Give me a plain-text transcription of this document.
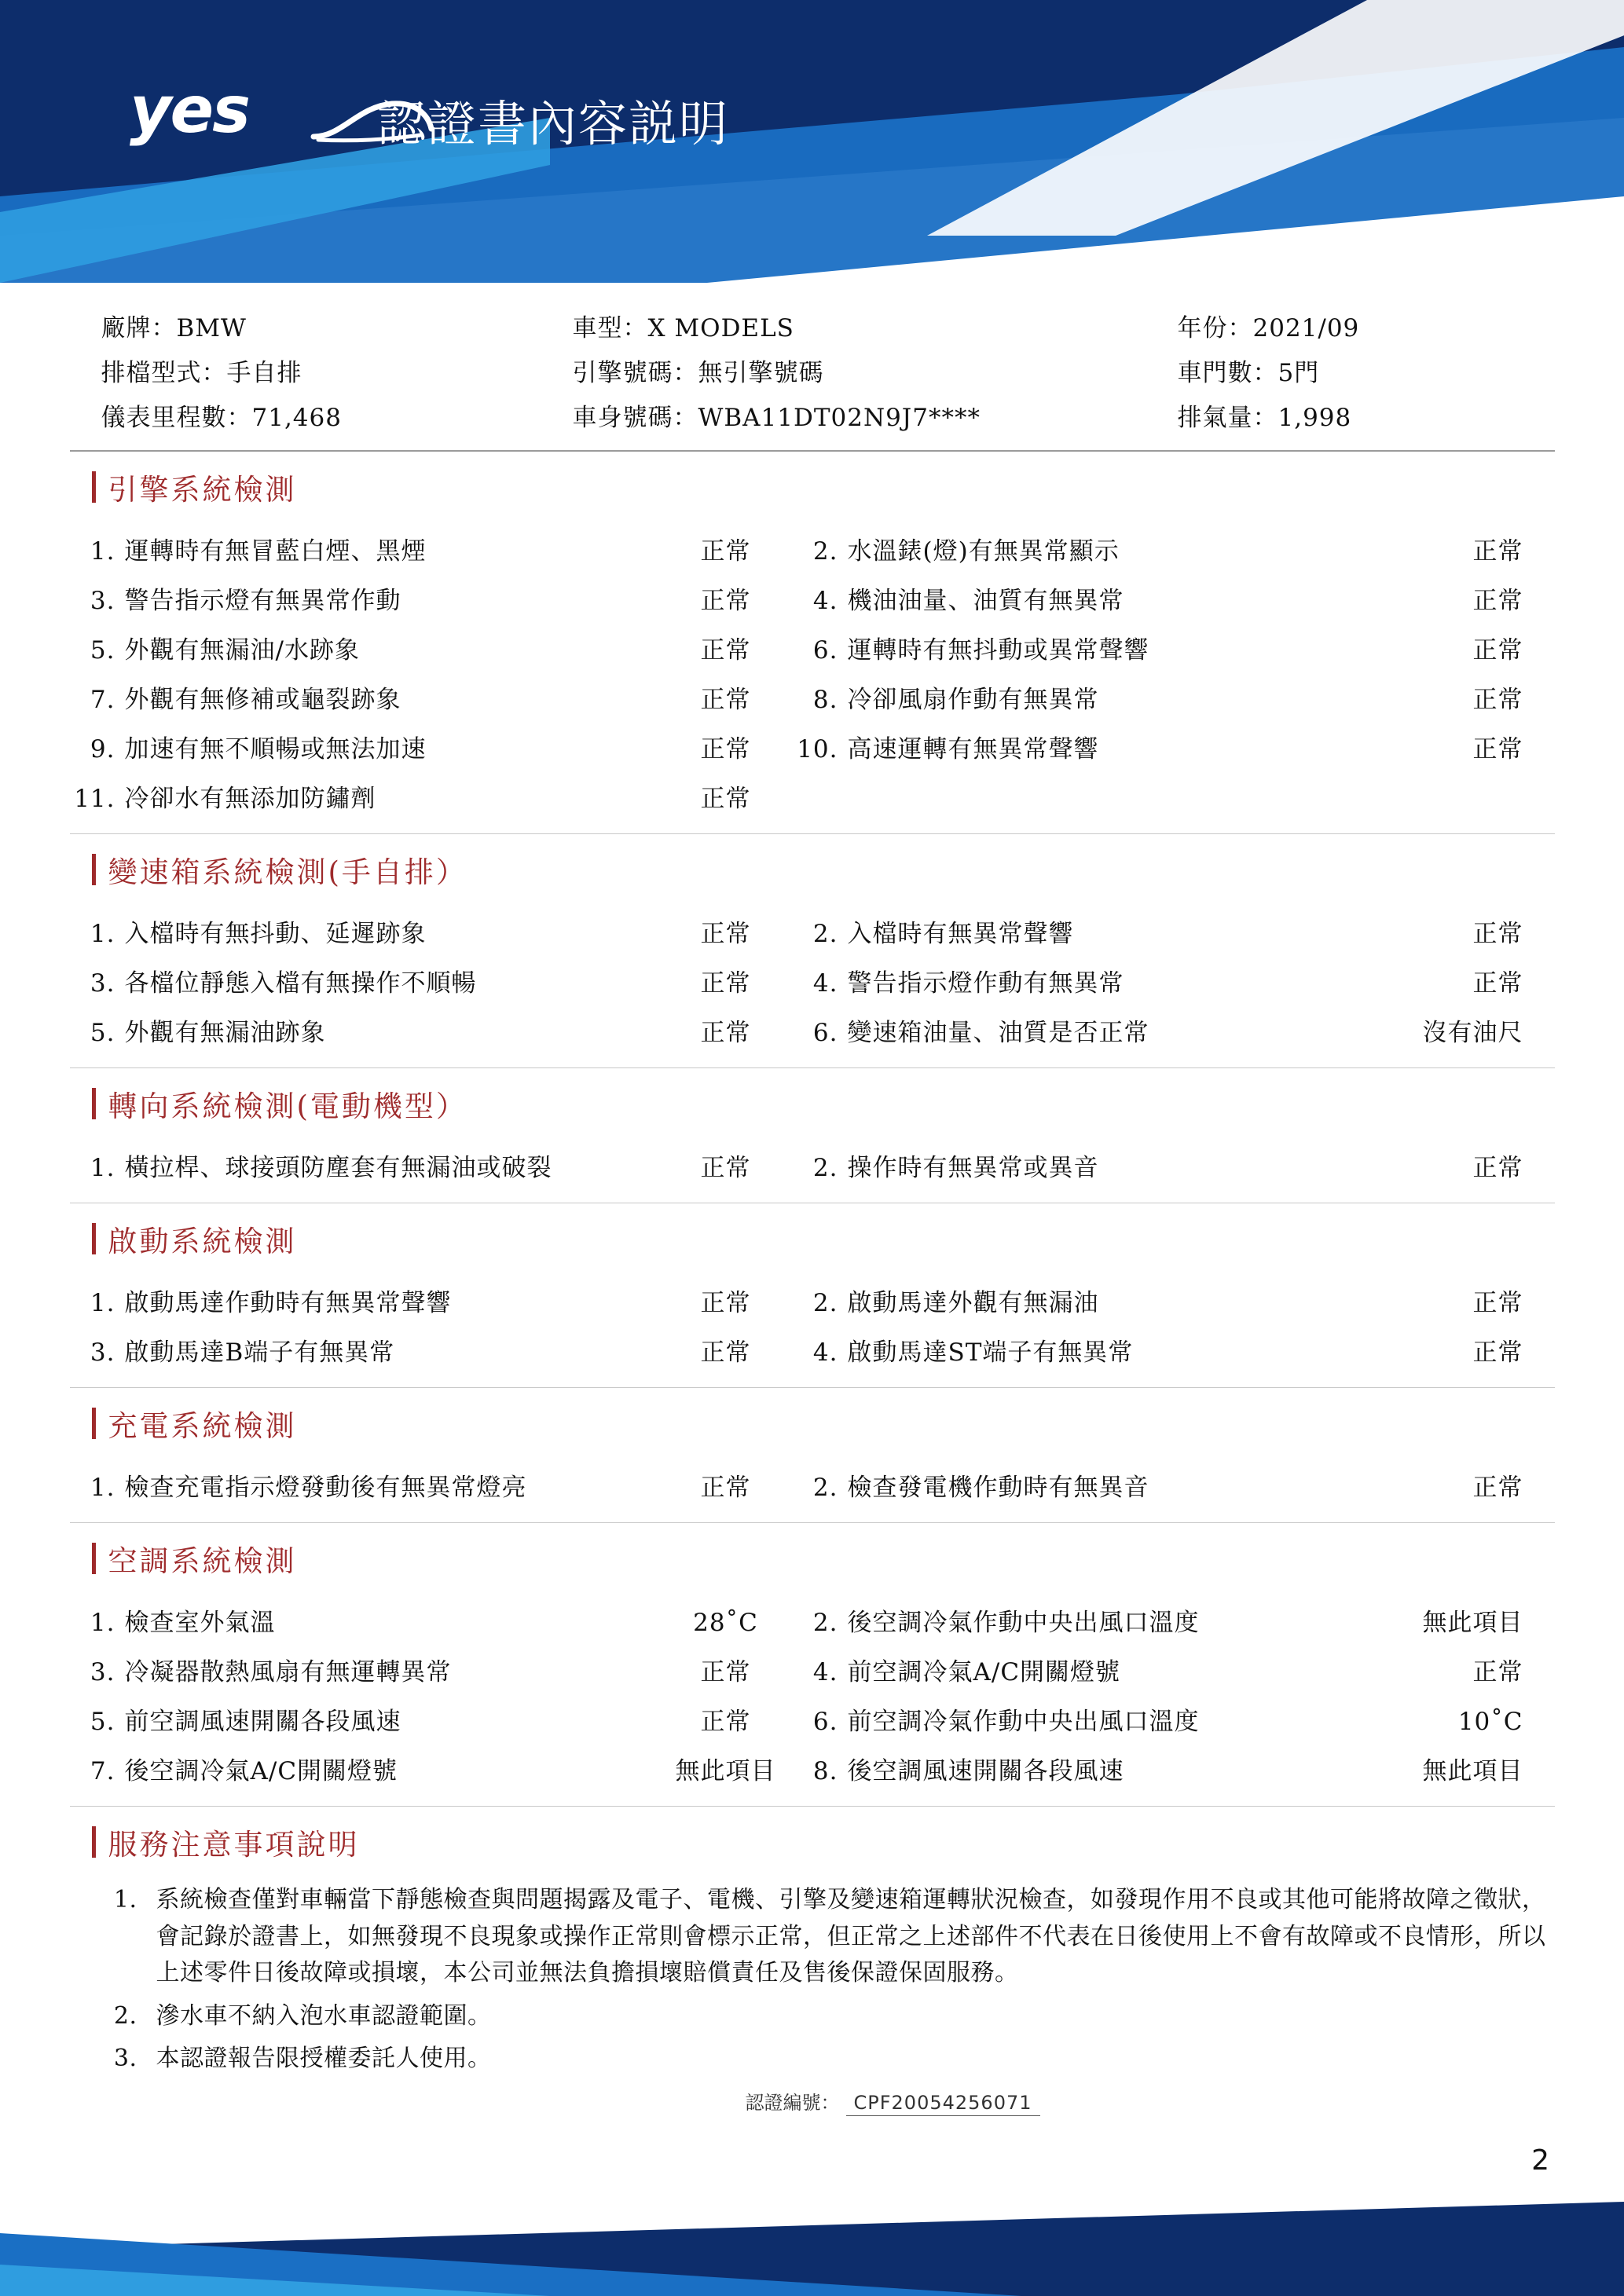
yes	認證書內容説明
廠牌：BMW	車型：X MODELS	年份：2021/09
排檔型式：手自排	引擎號碼：無引擎號碼	車門數：5門
儀表里程數：71,468	車身號碼：WBA11DT02N9J7****	排氣量：1,998
引擎系統檢測
1. 運轉時有無冒藍白煙、黑煙	正常	2. 水溫錶(燈)有無異常顯示	正常
3. 警告指示燈有無異常作動	正常	4. 機油油量、油質有無異常	正常
5. 外觀有無漏油/水跡象	正常	6. 運轉時有無抖動或異常聲響	正常
7. 外觀有無修補或龜裂跡象	正常	8. 冷卻風扇作動有無異常	正常
9. 加速有無不順暢或無法加速	正常	10. 高速運轉有無異常聲響	正常
11. 冷卻水有無添加防鏽劑	正常
變速箱系統檢測(手自排）
1. 入檔時有無抖動、延遲跡象	正常	2. 入檔時有無異常聲響	正常
3. 各檔位靜態入檔有無操作不順暢	正常	4. 警告指示燈作動有無異常	正常
5. 外觀有無漏油跡象	正常	6. 變速箱油量、油質是否正常	沒有油尺
轉向系統檢測(電動機型）
1. 橫拉桿、球接頭防塵套有無漏油或破裂	正常	2. 操作時有無異常或異音	正常
啟動系統檢測
1. 啟動馬達作動時有無異常聲響	正常	2. 啟動馬達外觀有無漏油	正常
3. 啟動馬達B端子有無異常	正常	4. 啟動馬達ST端子有無異常	正常
充電系統檢測
1. 檢查充電指示燈發動後有無異常燈亮	正常	2. 檢查發電機作動時有無異音	正常
空調系統檢測
1. 檢查室外氣溫	28˚C	2. 後空調冷氣作動中央出風口溫度	無此項目
3. 冷凝器散熱風扇有無運轉異常	正常	4. 前空調冷氣A/C開關燈號	正常
5. 前空調風速開關各段風速	正常	6. 前空調冷氣作動中央出風口溫度	10˚C
7. 後空調冷氣A/C開關燈號	無此項目	8. 後空調風速開關各段風速	無此項目
服務注意事項說明
1. 系統檢查僅對車輛當下靜態檢查與問題揭露及電子、電機、引擎及變速箱運轉狀況檢查，如發現作用不良或其他可能將故障之徵狀，會記錄於證書上，如無發現不良現象或操作正常則會標示正常，但正常之上述部件不代表在日後使用上不會有故障或不良情形，所以上述零件日後故障或損壞，本公司並無法負擔損壞賠償責任及售後保證保固服務。
2. 滲水車不納入泡水車認證範圍。
3. 本認證報告限授權委託人使用。
認證編號： CPF20054256071
2
